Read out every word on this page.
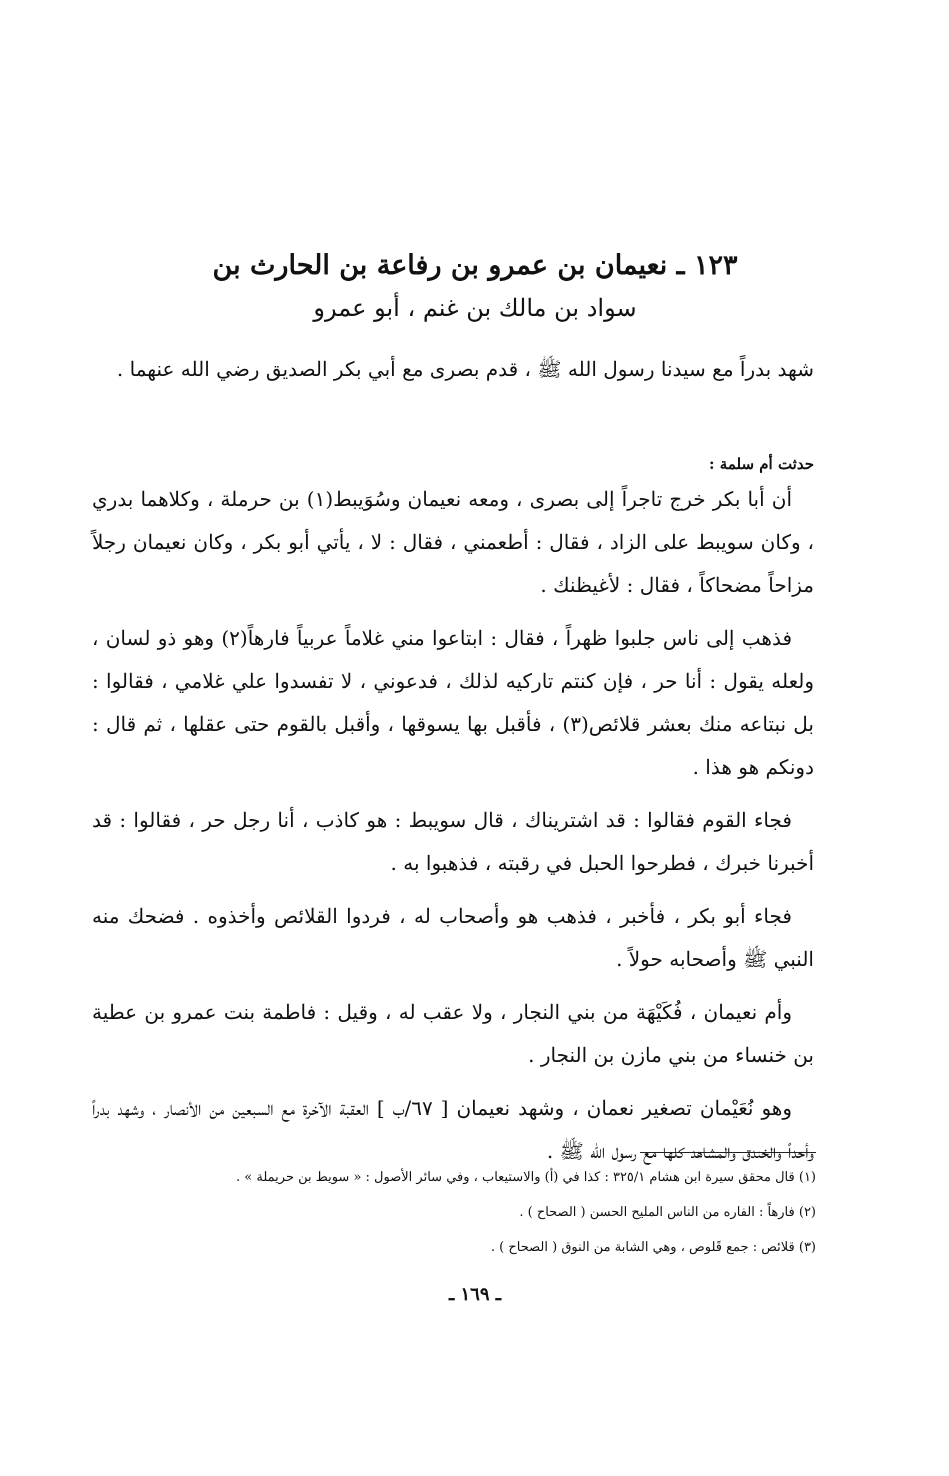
١٢٣ ـ نعيمان بن عمرو بن رفاعة بن الحارث بن
سواد بن مالك بن غنم ، أبو عمرو
شهد بدراً مع سيدنا رسول الله ﷺ ، قدم بصرى مع أبي بكر الصديق رضي الله عنهما .
حدثت أم سلمة :

أن أبا بكر خرج تاجراً إلى بصرى ، ومعه نعيمان وسُوَيبط(١) بن حرملة ، وكلاهما بدري ، وكان سويبط على الزاد ، فقال : أطعمني ، فقال : لا ، يأتي أبو بكر ، وكان نعيمان رجلاً مزاحاً مضحاكاً ، فقال : لأغيظنك .

فذهب إلى ناس جلبوا ظهراً ، فقال : ابتاعوا مني غلاماً عربياً فارهاً(٢) وهو ذو لسان ، ولعله يقول : أنا حر ، فإن كنتم تاركيه لذلك ، فدعوني ، لا تفسدوا علي غلامي ، فقالوا : بل نبتاعه منك بعشر قلائص(٣) ، فأقبل بها يسوقها ، وأقبل بالقوم حتى عقلها ، ثم قال : دونكم هو هذا .

فجاء القوم فقالوا : قد اشتريناك ، قال سويبط : هو كاذب ، أنا رجل حر ، فقالوا : قد أخبرنا خبرك ، فطرحوا الحبل في رقبته ، فذهبوا به .

فجاء أبو بكر ، فأخبر ، فذهب هو وأصحاب له ، فردوا القلائص وأخذوه . فضحك منه النبي ﷺ وأصحابه حولاً .

وأم نعيمان ، فُكَيْهَة من بني النجار ، ولا عقب له ، وقيل : فاطمة بنت عمرو بن عطية بن خنساء من بني مازن بن النجار .

وهو نُعَيْمان تصغير نعمان ، وشهد نعيمان [ ٦٧/ب ] العقبة الآخرة مع السبعين من الأنصار ، وشهد بدراً وأحداً والخندق والمشاهد كلها مع رسول الله ﷺ .

(١) قال محقق سيرة ابن هشام ٣٢٥/١ : كذا في (أ) والاستيعاب ، وفي سائر الأصول : « سويط بن حريملة » .
(٢) فارهاً : الفاره من الناس المليح الحسن ( الصحاح ) .
(٣) قلائص : جمع قَلوص ، وهي الشابة من النوق ( الصحاح ) .
ـ ١٦٩ ـ
